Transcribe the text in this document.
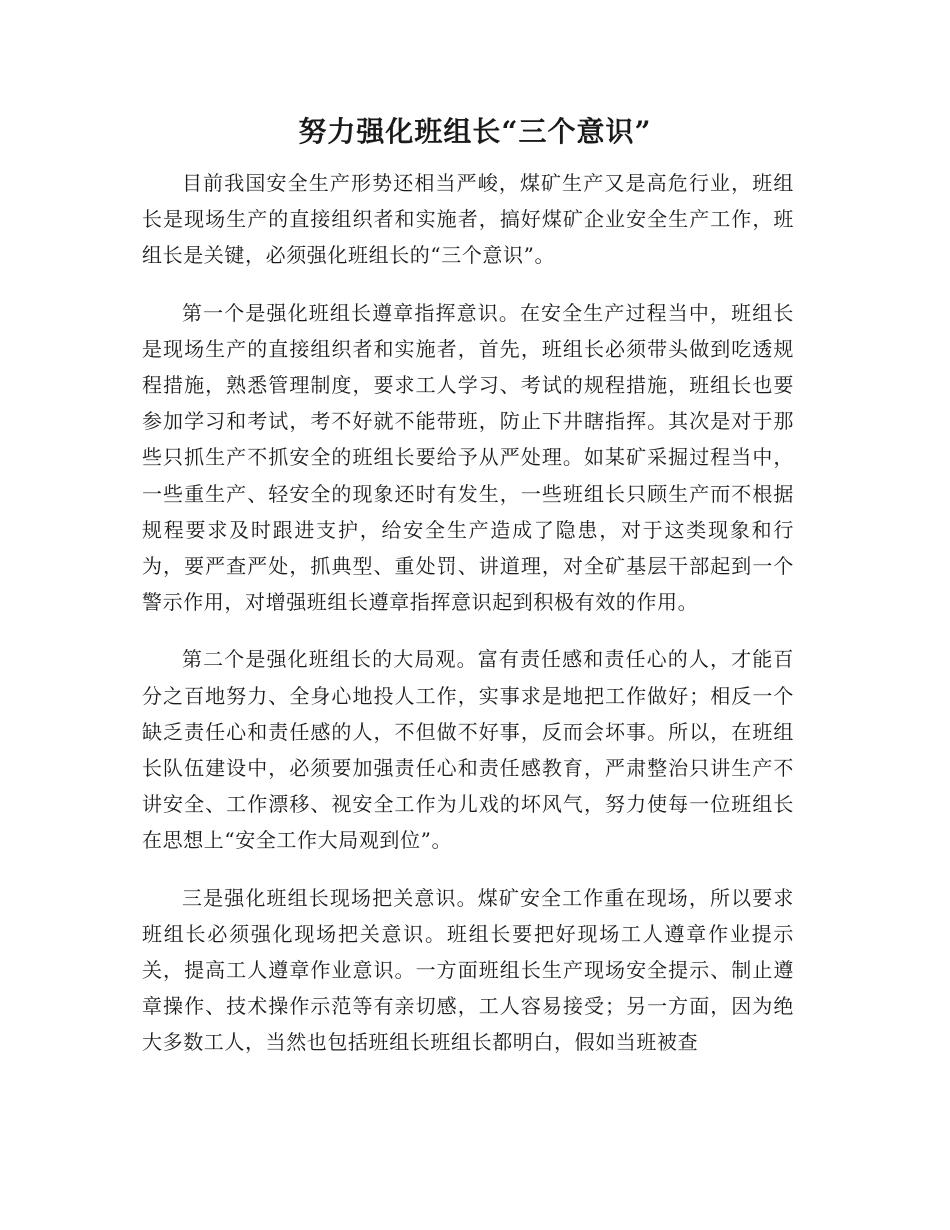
努力强化班组长“三个意识”

目前我国安全生产形势还相当严峻，煤矿生产又是高危行业，班组长是现场生产的直接组织者和实施者，搞好煤矿企业安全生产工作，班组长是关键，必须强化班组长的“三个意识”。

第一个是强化班组长遵章指挥意识。在安全生产过程当中，班组长是现场生产的直接组织者和实施者，首先，班组长必须带头做到吃透规程措施，熟悉管理制度，要求工人学习、考试的规程措施，班组长也要参加学习和考试，考不好就不能带班，防止下井瞎指挥。其次是对于那些只抓生产不抓安全的班组长要给予从严处理。如某矿采掘过程当中，一些重生产、轻安全的现象还时有发生，一些班组长只顾生产而不根据规程要求及时跟进支护，给安全生产造成了隐患，对于这类现象和行为，要严查严处，抓典型、重处罚、讲道理，对全矿基层干部起到一个警示作用，对增强班组长遵章指挥意识起到积极有效的作用。

第二个是强化班组长的大局观。富有责任感和责任心的人，才能百分之百地努力、全身心地投人工作，实事求是地把工作做好；相反一个缺乏责任心和责任感的人，不但做不好事，反而会坏事。所以，在班组长队伍建设中，必须要加强责任心和责任感教育，严肃整治只讲生产不讲安全、工作漂移、视安全工作为儿戏的坏风气，努力使每一位班组长在思想上“安全工作大局观到位”。

三是强化班组长现场把关意识。煤矿安全工作重在现场，所以要求班组长必须强化现场把关意识。班组长要把好现场工人遵章作业提示关，提高工人遵章作业意识。一方面班组长生产现场安全提示、制止遵章操作、技术操作示范等有亲切感，工人容易接受；另一方面，因为绝大多数工人，当然也包括班组长班组长都明白，假如当班被查
